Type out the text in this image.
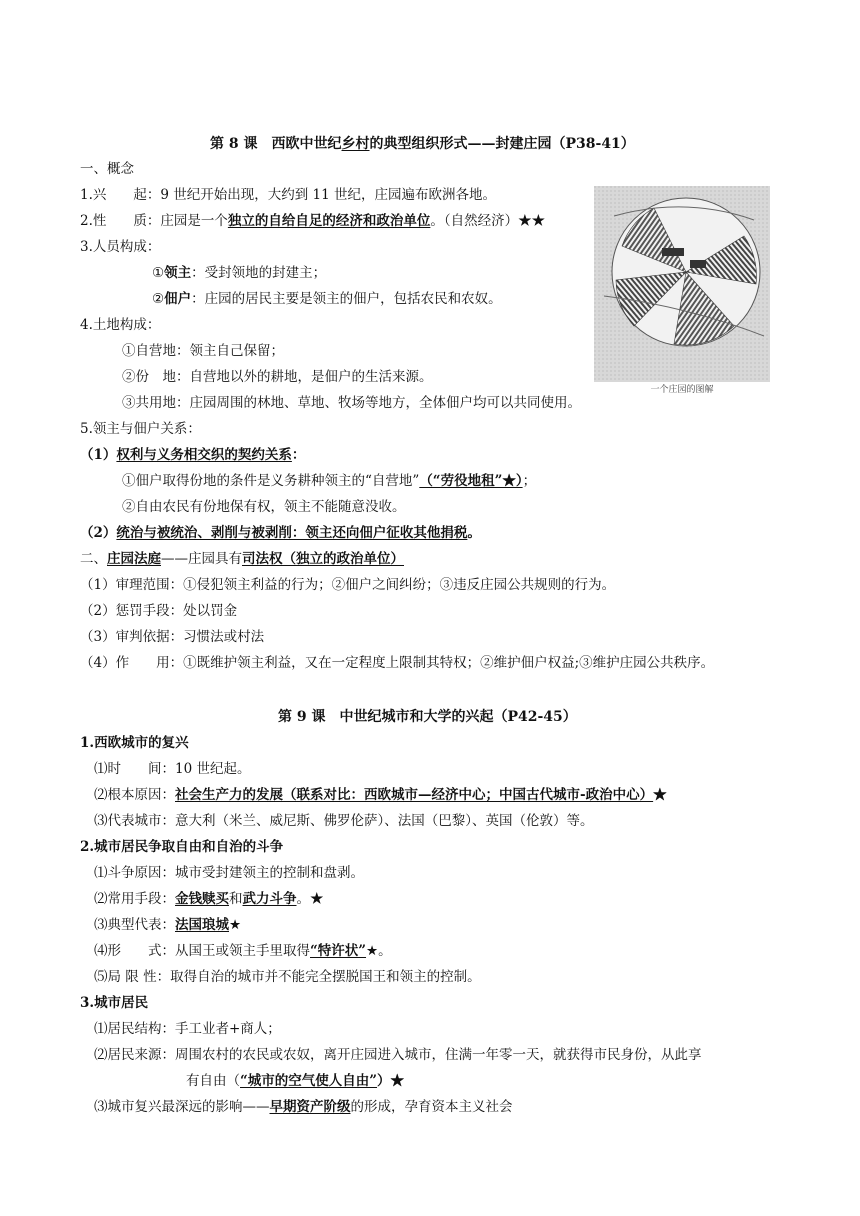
第 8 课　西欧中世纪乡村的典型组织形式——封建庄园（P38-41）
一、概念
1.兴　　起：9 世纪开始出现，大约到 11 世纪，庄园遍布欧洲各地。
2.性　　质：庄园是一个独立的自给自足的经济和政治单位。（自然经济）★★
3.人员构成：
①领主：受封领地的封建主；
②佃户：庄园的居民主要是领主的佃户，包括农民和农奴。
4.土地构成：
①自营地：领主自己保留；
②份　地：自营地以外的耕地，是佃户的生活来源。
③共用地：庄园周围的林地、草地、牧场等地方，全体佃户均可以共同使用。
5.领主与佃户关系：
（1）权利与义务相交织的契约关系：
①佃户取得份地的条件是义务耕种领主的“自营地”（“劳役地租”★）；
②自由农民有份地保有权，领主不能随意没收。
（2）统治与被统治、剥削与被剥削：领主还向佃户征收其他捐税。
二、庄园法庭——庄园具有司法权（独立的政治单位）
（1）审理范围：①侵犯领主利益的行为；②佃户之间纠纷；③违反庄园公共规则的行为。
（2）惩罚手段：处以罚金
（3）审判依据：习惯法或村法
（4）作　　用：①既维护领主利益，又在一定程度上限制其特权；②维护佃户权益;③维护庄园公共秩序。
一个庄园的图解
第 9 课　中世纪城市和大学的兴起（P42-45）
1.西欧城市的复兴
⑴时　　间：10 世纪起。
⑵根本原因：社会生产力的发展（联系对比：西欧城市—经济中心；中国古代城市-政治中心）★
⑶代表城市：意大利（米兰、威尼斯、佛罗伦萨）、法国（巴黎）、英国（伦敦）等。
2.城市居民争取自由和自治的斗争
⑴斗争原因：城市受封建领主的控制和盘剥。
⑵常用手段：金钱赎买和武力斗争。★
⑶典型代表：法国琅城★
⑷形　　式：从国王或领主手里取得“特许状”★。
⑸局 限 性：取得自治的城市并不能完全摆脱国王和领主的控制。
3.城市居民
⑴居民结构：手工业者+商人；
⑵居民来源：周围农村的农民或农奴，离开庄园进入城市，住满一年零一天，就获得市民身份，从此享
有自由（“城市的空气使人自由”）★
⑶城市复兴最深远的影响——早期资产阶级的形成，孕育资本主义社会
